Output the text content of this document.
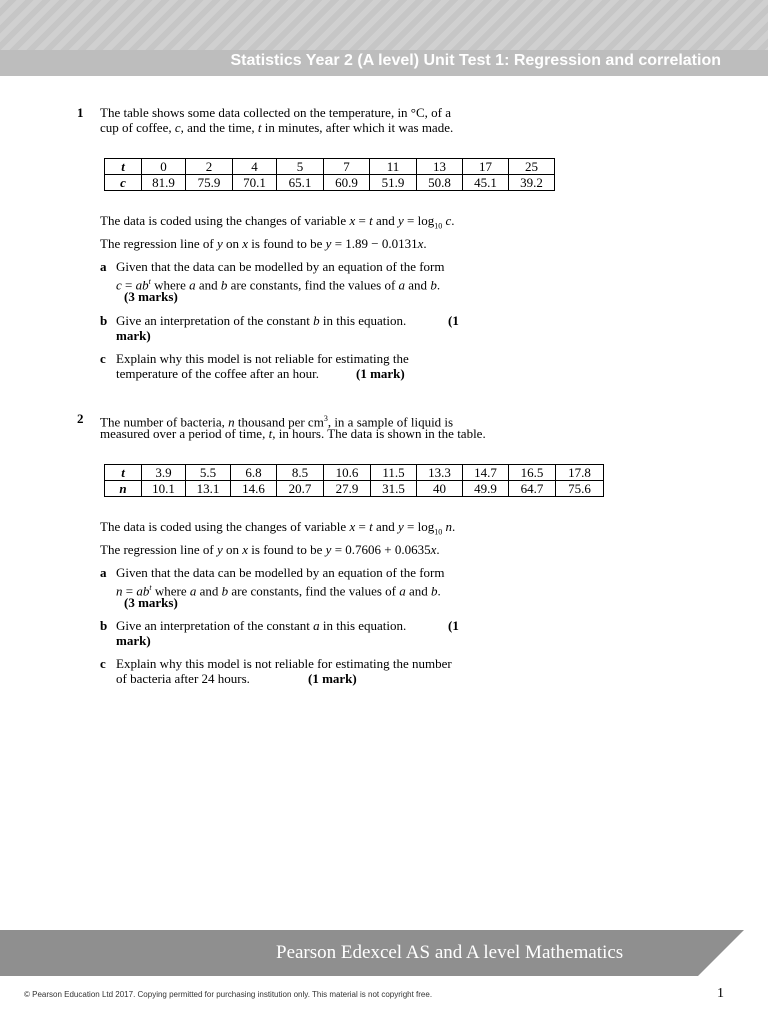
Statistics Year 2 (A level) Unit Test 1: Regression and correlation
1 The table shows some data collected on the temperature, in °C, of a
cup of coffee, c, and the time, t in minutes, after which it was made.
t	0	2	4	5	7	11	13	17	25
c	81.9	75.9	70.1	65.1	60.9	51.9	50.8	45.1	39.2
The data is coded using the changes of variable x = t and $y = \log_{10} c$.
The regression line of y on x is found to be y = 1.89 − 0.0131x.
a Given that the data can be modelled by an equation of the form
$c = ab^t$ where a and b are constants, find the values of a and b.
(3 marks)
b Give an interpretation of the constant b in this equation.	(1
mark)
c Explain why this model is not reliable for estimating the
temperature of the coffee after an hour.	(1 mark)
2 The number of bacteria, n thousand per $cm^3$, in a sample of liquid is
measured over a period of time, t, in hours. The data is shown in the table.
t	3.9	5.5	6.8	8.5	10.6	11.5	13.3	14.7	16.5	17.8
n	10.1	13.1	14.6	20.7	27.9	31.5	40	49.9	64.7	75.6
The data is coded using the changes of variable x = t and $y = \log_{10} n$.
The regression line of y on x is found to be y = 0.7606 + 0.0635x.
a Given that the data can be modelled by an equation of the form
$n = ab^t$ where a and b are constants, find the values of a and b.
(3 marks)
b Give an interpretation of the constant a in this equation.	(1
mark)
c Explain why this model is not reliable for estimating the number
of bacteria after 24 hours.	(1 mark)
Pearson Edexcel AS and A level Mathematics
© Pearson Education Ltd 2017. Copying permitted for purchasing institution only. This material is not copyright free.	1
